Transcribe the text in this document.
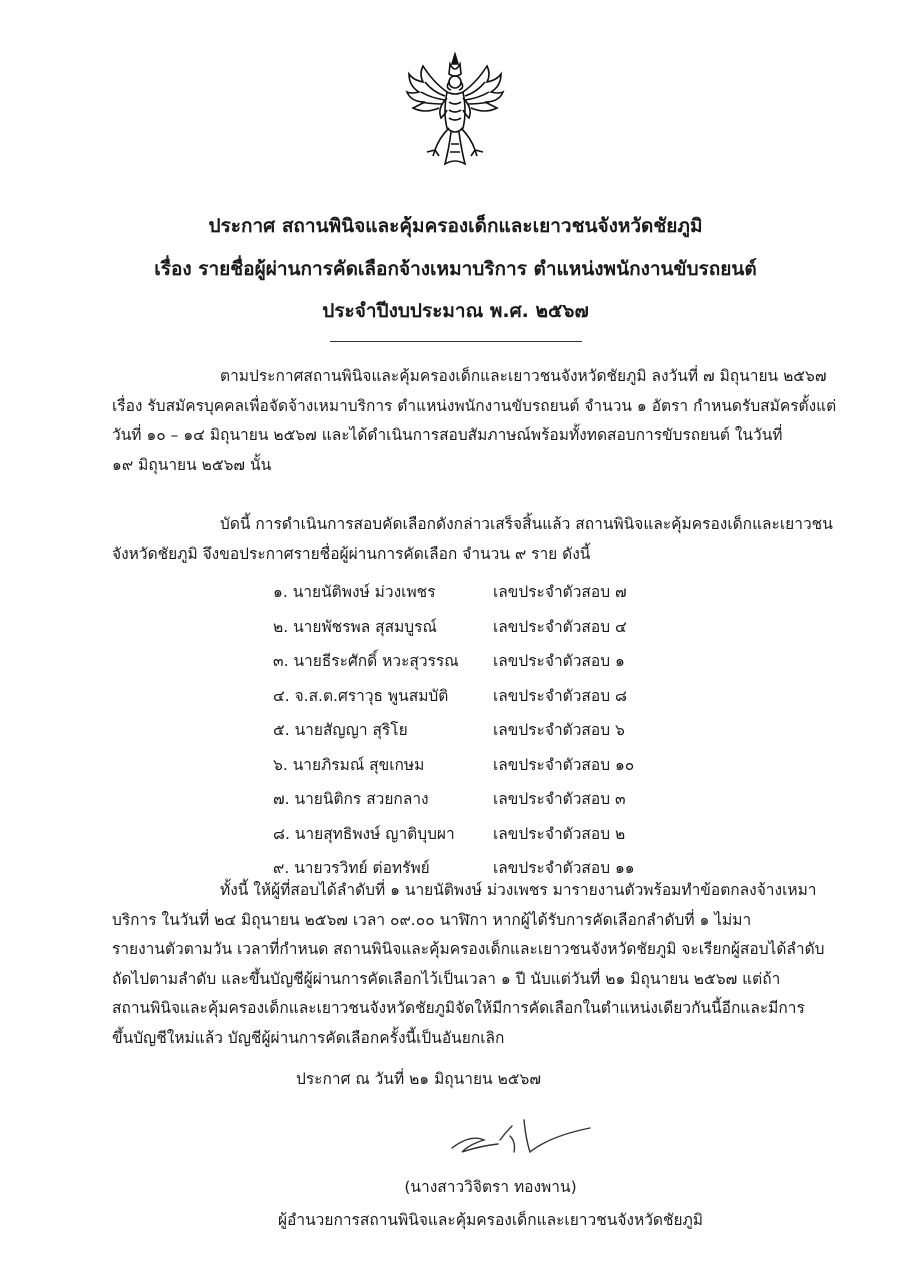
ประกาศ สถานพินิจและคุ้มครองเด็กและเยาวชนจังหวัดชัยภูมิ
เรื่อง รายชื่อผู้ผ่านการคัดเลือกจ้างเหมาบริการ ตำแหน่งพนักงานขับรถยนต์
ประจำปีงบประมาณ พ.ศ. ๒๕๖๗

ตามประกาศสถานพินิจและคุ้มครองเด็กและเยาวชนจังหวัดชัยภูมิ ลงวันที่ ๗ มิถุนายน ๒๕๖๗
เรื่อง รับสมัครบุคคลเพื่อจัดจ้างเหมาบริการ ตำแหน่งพนักงานขับรถยนต์ จำนวน ๑ อัตรา กำหนดรับสมัครตั้งแต่
วันที่ ๑๐ – ๑๔ มิถุนายน ๒๕๖๗ และได้ดำเนินการสอบสัมภาษณ์พร้อมทั้งทดสอบการขับรถยนต์ ในวันที่
๑๙ มิถุนายน ๒๕๖๗ นั้น

บัดนี้ การดำเนินการสอบคัดเลือกดังกล่าวเสร็จสิ้นแล้ว สถานพินิจและคุ้มครองเด็กและเยาวชน
จังหวัดชัยภูมิ จึงขอประกาศรายชื่อผู้ผ่านการคัดเลือก จำนวน ๙ ราย ดังนี้

๑. นายนัติพงษ์ ม่วงเพชร	เลขประจำตัวสอบ ๗
๒. นายพัชรพล สุสมบูรณ์	เลขประจำตัวสอบ ๔
๓. นายธีระศักดิ์ หวะสุวรรณ เลขประจำตัวสอบ ๑
๔. จ.ส.ต.ศราวุธ พูนสมบัติ	เลขประจำตัวสอบ ๘
๕. นายสัญญา สุริโย	เลขประจำตัวสอบ ๖
๖. นายภิรมณ์ สุขเกษม	เลขประจำตัวสอบ ๑๐
๗. นายนิติกร สวยกลาง	เลขประจำตัวสอบ ๓
๘. นายสุทธิพงษ์ ญาติบุบผา เลขประจำตัวสอบ ๒
๙. นายวรวิทย์ ต่อทรัพย์	เลขประจำตัวสอบ ๑๑

ทั้งนี้ ให้ผู้ที่สอบได้ลำดับที่ ๑ นายนัติพงษ์ ม่วงเพชร มารายงานตัวพร้อมทำข้อตกลงจ้างเหมา
บริการ ในวันที่ ๒๔ มิถุนายน ๒๕๖๗ เวลา ๐๙.๐๐ นาฬิกา หากผู้ได้รับการคัดเลือกลำดับที่ ๑ ไม่มา
รายงานตัวตามวัน เวลาที่กำหนด สถานพินิจและคุ้มครองเด็กและเยาวชนจังหวัดชัยภูมิ จะเรียกผู้สอบได้ลำดับ
ถัดไปตามลำดับ และขึ้นบัญชีผู้ผ่านการคัดเลือกไว้เป็นเวลา ๑ ปี นับแต่วันที่ ๒๑ มิถุนายน ๒๕๖๗ แต่ถ้า
สถานพินิจและคุ้มครองเด็กและเยาวชนจังหวัดชัยภูมิจัดให้มีการคัดเลือกในตำแหน่งเดียวกันนี้อีกและมีการ
ขึ้นบัญชีใหม่แล้ว บัญชีผู้ผ่านการคัดเลือกครั้งนี้เป็นอันยกเลิก

ประกาศ ณ วันที่ ๒๑ มิถุนายน ๒๕๖๗
(นางสาววิจิตรา ทองพาน)
ผู้อำนวยการสถานพินิจและคุ้มครองเด็กและเยาวชนจังหวัดชัยภูมิ
